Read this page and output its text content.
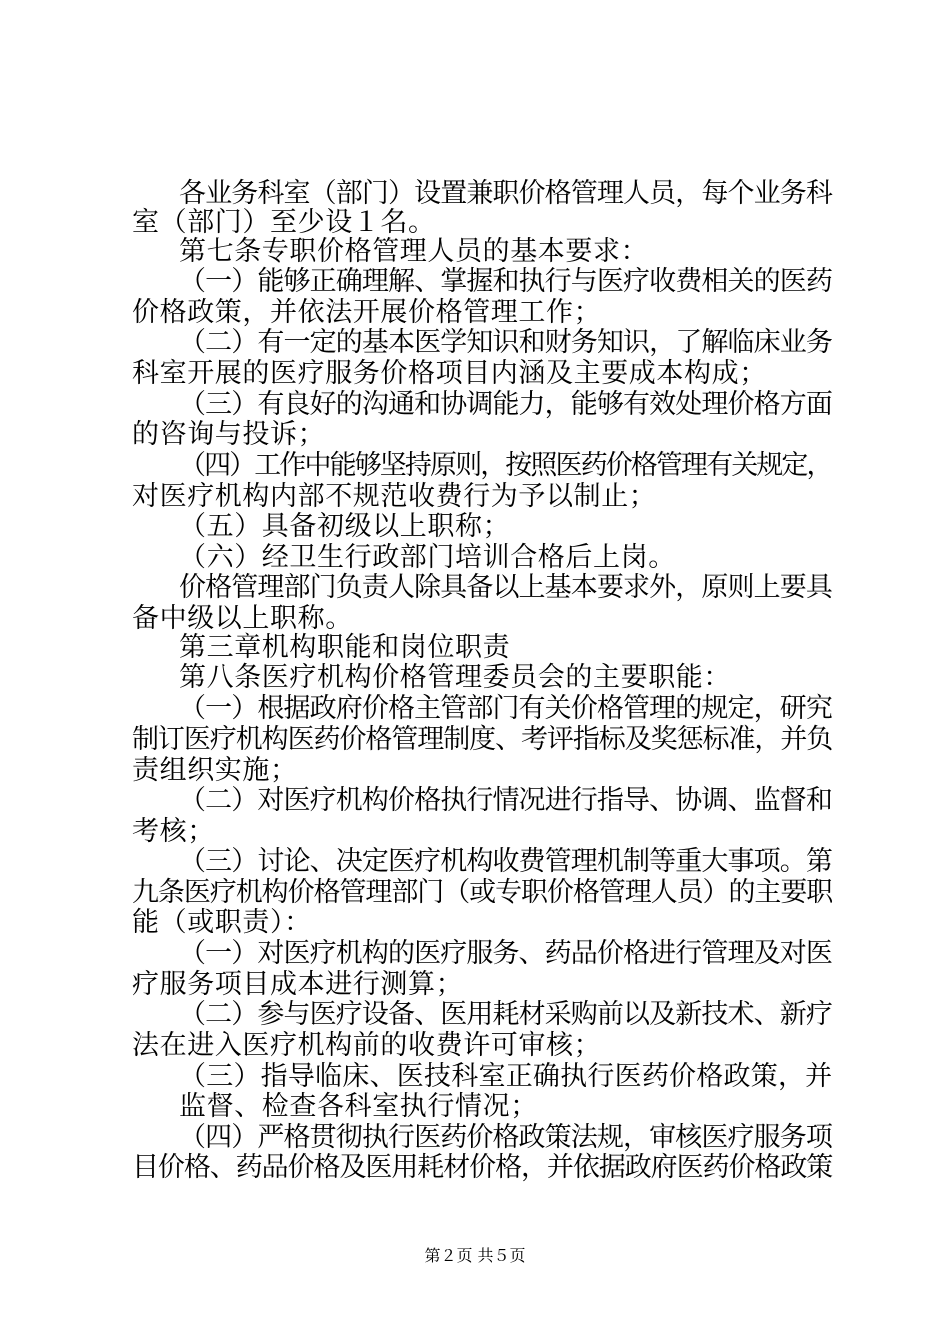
各业务科室（部门）设置兼职价格管理人员，每个业务科
室（部门）至少设１名。
第七条专职价格管理人员的基本要求：
（一）能够正确理解、掌握和执行与医疗收费相关的医药
价格政策，并依法开展价格管理工作；
（二）有一定的基本医学知识和财务知识，了解临床业务
科室开展的医疗服务价格项目内涵及主要成本构成；
（三）有良好的沟通和协调能力，能够有效处理价格方面
的咨询与投诉；
（四）工作中能够坚持原则，按照医药价格管理有关规定，
对医疗机构内部不规范收费行为予以制止；
（五）具备初级以上职称；
（六）经卫生行政部门培训合格后上岗。
价格管理部门负责人除具备以上基本要求外，原则上要具
备中级以上职称。
第三章机构职能和岗位职责
第八条医疗机构价格管理委员会的主要职能：
（一）根据政府价格主管部门有关价格管理的规定，研究
制订医疗机构医药价格管理制度、考评指标及奖惩标准，并负
责组织实施；
（二）对医疗机构价格执行情况进行指导、协调、监督和
考核；
（三）讨论、决定医疗机构收费管理机制等重大事项。第
九条医疗机构价格管理部门（或专职价格管理人员）的主要职
能（或职责）：
（一）对医疗机构的医疗服务、药品价格进行管理及对医
疗服务项目成本进行测算；
（二）参与医疗设备、医用耗材采购前以及新技术、新疗
法在进入医疗机构前的收费许可审核；
（三）指导临床、医技科室正确执行医药价格政策，并
监督、检查各科室执行情况；
（四）严格贯彻执行医药价格政策法规，审核医疗服务项
目价格、药品价格及医用耗材价格，并依据政府医药价格政策
第２页 共５页
